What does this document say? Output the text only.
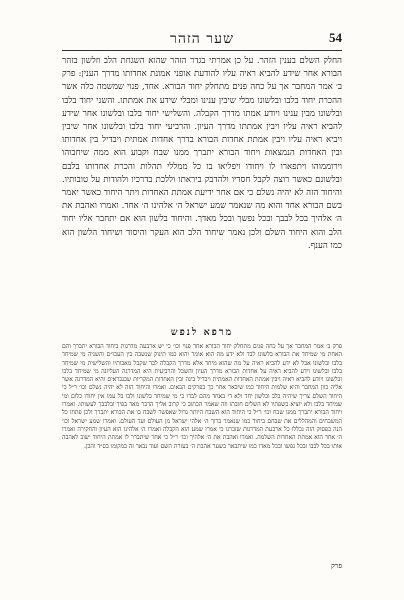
שער הזהר	54

החלק השלם בענין הזהר. על כן אמרתי בגדר הזהר שהוא השגחת הלב וזלשון בזהר הבורא אחר שידע להביא ראיה עליו להודעת אופני אמונת אחדותו מדרך הענין: פרק ב׳ אמר המחבר אך על כחה פנים מתחלק יחוד הבורא. אחד, פנוי שמשמה כלה אשר ההכרת יחוד בלבו ובלשונו מבלי שיבין ענינו ומבלי שידע את אמתתו. והשני יחוד בלבו ובלשונו מבין ענינו ויודע אמתו מדרך הקבלה. והשלישי יחוד בלבו ובלשונו אחר שידע להביא ראיה עליו ויבין אמתתו מדרך העיון. והרביעי יחוד בלבו ובלשונו אחר שיבין ויביא ראיה עליו ויבין אמתת אחדות הבורא בדרך אחדות אמתית ויבדיל בין אחדותו ובין האחדות הנמצאות ויחוד הבורא יתברך ממנו שבח וקבוע הוא ממה שיחבוהו וירוממוהו ויתפארו לו ויחודו ויפליאו בו כל ממללי תהלות והכרת אחדותו בלבם ובלשונם כאשר רוצה לקבל חסדיו ולהדבק ביראתו וללכת בדרכיו ולהודות על טובותיו. והיחוד הזה לא יהיה נשלם כי אם אחר ידיעת אמתת האחדות ויתר היחוד כאשר יאמר בשם הבורא אחד והוא מה שנאמר שמע ישראל ה׳ אלהינו ה׳ אחד. ואמרו ואהבת את ה׳ אלהיך בכל לבבך ובכל נפשך ובכל מאדך. והיחוד בלשון הוא אם יתחבר אליו יחוד הלב והוא היחוד השלם ולכן נאמר שיחוד הלב הוא העקר והיסוד ושיחוד הלשון הוא כמו הענף.

מרפא לנפש
פרק ב׳ אמר המחבר אך על כחה פנים מתחלק יחוד הבורא אחד פנוי וכו׳ כי יש ארבעה מדרגות ביחוד הבורא יתברך והם האחת מי שמיחד את הבורא בלשונו לבד ולא ידע מה הוא אומר והוא כמו תינוק שנשבה בין העכו״ם והשניה מי שמיחד בלבו ובלשונו אבל לא ידע להביא ראיה על מה שהוא מיחד אלא מדרך הקבלה לבד שקבל מאבותיו והשלישית מי שמיחד בלבו ובלשונו וידע להביא ראיה על אחדות הבורא מדרך העיון והשכל והרביעית היא המדרגה העליונה מי שמיחד בלבו ובלשונו ויודע להביא ראיה ויבין אמתת האחדות האמתית ויבדיל בינה ובין האחדות המקריות שבנבראים והיא המדרגה אשר אליה כוון המחבר והיא שלמות היחוד כמו שיבאר אחר כך בפרקים הבאים. ואמרו והיחוד הזה לא יהיה נשלם וכו׳ ר״ל כי היחוד השלם צריך שיהיה בלב ובלשון יחד ולא די באחד מהם לבדו כי מי שמיחד בלשונו ולבו בל עמו אין יחודו כלום ומי שמיחד בלבו ולא יוציא בשפתיו לא השלים חובתו וזה שאמר הכתוב כי קרוב אליך הדבר מאד בפיך ובלבבך לעשותו. ואמרו ויחוד הבורא יתברך ממנו שבח וכו׳ ר״ל כי היחוד הוא השבח היותר גדול שאפשר לשבח בו את הבורא יתברך ולכן פתחו כל המשבחים והמהללים את שבחם ביחוד כמו שנאמר ברוך ה׳ אלהי ישראל מן העולם ועד העולם. ואמרו שמע ישראל וכו׳ הנה בפסוק הזה נכללו כל ארבעת המדרגות שזכרנו כי אמרו שמע הוא הקבלה ואמרו ה׳ אלהינו הוא העיון והחקירה ואמרו ה׳ אחד הוא אמתת האחדות השלמה. ואמרו ואהבת את ה׳ אלהיך וכו׳ ר״ל כי אחר שיתברר לו אמתת היחוד ישוב לאהבה אותו בכל לבבו ובכל נפשו ובכל מאדו כמו שיתבאר בשער אהבת ה׳ בעזרת השם ועוד נבאר זה במקומו בס״ד והבן.
פרק
